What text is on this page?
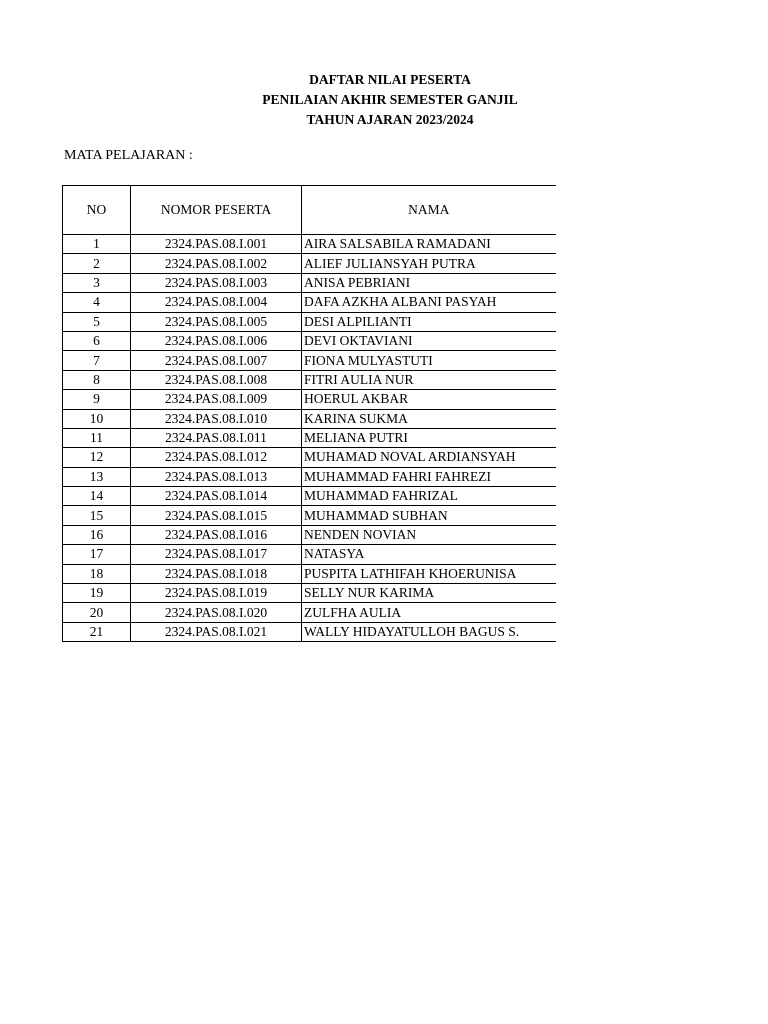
DAFTAR NILAI PESERTA
PENILAIAN AKHIR SEMESTER GANJIL
TAHUN AJARAN 2023/2024
MATA PELAJARAN :
NO	NOMOR PESERTA	NAMA
1	2324.PAS.08.I.001	AIRA SALSABILA RAMADANI
2	2324.PAS.08.I.002	ALIEF JULIANSYAH PUTRA
3	2324.PAS.08.I.003	ANISA PEBRIANI
4	2324.PAS.08.I.004	DAFA AZKHA ALBANI PASYAH
5	2324.PAS.08.I.005	DESI ALPILIANTI
6	2324.PAS.08.I.006	DEVI OKTAVIANI
7	2324.PAS.08.I.007	FIONA MULYASTUTI
8	2324.PAS.08.I.008	FITRI AULIA NUR
9	2324.PAS.08.I.009	HOERUL AKBAR
10	2324.PAS.08.I.010	KARINA SUKMA
11	2324.PAS.08.I.011	MELIANA PUTRI
12	2324.PAS.08.I.012	MUHAMAD NOVAL ARDIANSYAH
13	2324.PAS.08.I.013	MUHAMMAD FAHRI FAHREZI
14	2324.PAS.08.I.014	MUHAMMAD FAHRIZAL
15	2324.PAS.08.I.015	MUHAMMAD SUBHAN
16	2324.PAS.08.I.016	NENDEN NOVIAN
17	2324.PAS.08.I.017	NATASYA
18	2324.PAS.08.I.018	PUSPITA LATHIFAH KHOERUNISA
19	2324.PAS.08.I.019	SELLY NUR KARIMA
20	2324.PAS.08.I.020	ZULFHA AULIA
21	2324.PAS.08.I.021	WALLY HIDAYATULLOH BAGUS S.
